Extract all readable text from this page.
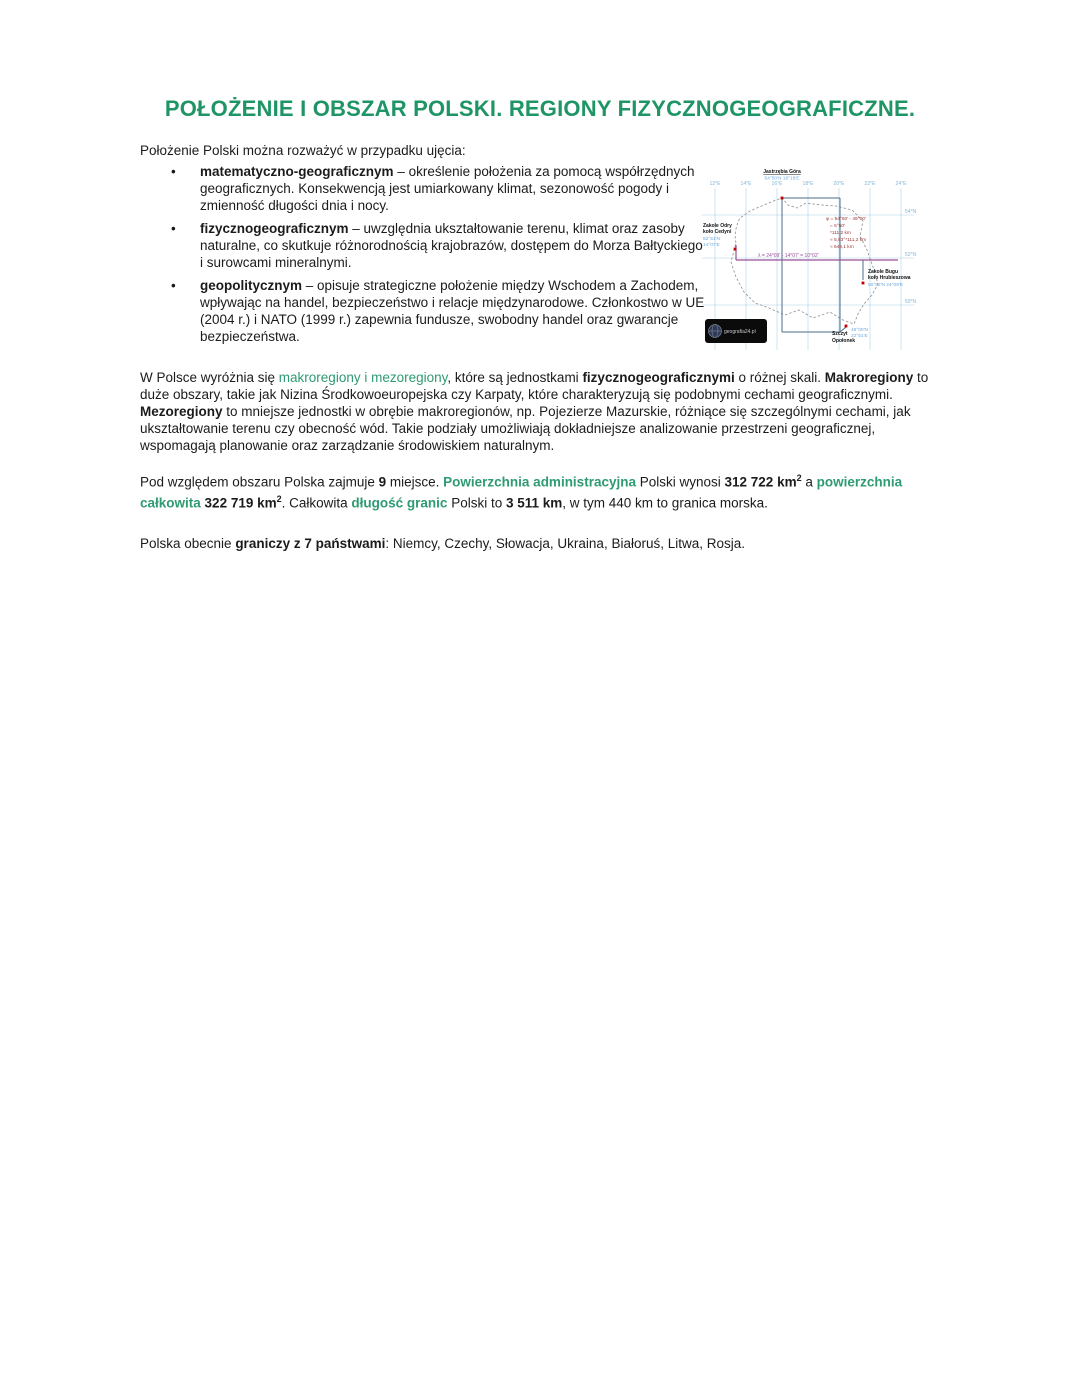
POŁOŻENIE I OBSZAR POLSKI. REGIONY FIZYCZNOGEOGRAFICZNE.

Położenie Polski można rozważyć w przypadku ujęcia:

• matematyczno-geograficznym – określenie położenia za pomocą współrzędnych geograficznych. Konsekwencją jest umiarkowany klimat, sezonowość pogody i zmienność długości dnia i nocy.
• fizycznogeograficznym – uwzględnia ukształtowanie terenu, klimat oraz zasoby naturalne, co skutkuje różnorodnością krajobrazów, dostępem do Morza Bałtyckiego i surowcami mineralnymi.
• geopolitycznym – opisuje strategiczne położenie między Wschodem a Zachodem, wpływając na handel, bezpieczeństwo i relacje międzynarodowe. Członkostwo w UE (2004 r.) i NATO (1999 r.) zapewnia fundusze, swobodny handel oraz gwarancje bezpieczeństwa.

W Polsce wyróżnia się makroregiony i mezoregiony, które są jednostkami fizycznogeograficznymi o różnej skali. Makroregiony to duże obszary, takie jak Nizina Środkowoeuropejska czy Karpaty, które charakteryzują się podobnymi cechami geograficznymi. Mezoregiony to mniejsze jednostki w obrębie makroregionów, np. Pojezierze Mazurskie, różniące się szczególnymi cechami, jak ukształtowanie terenu czy obecność wód. Takie podziały umożliwiają dokładniejsze analizowanie przestrzeni geograficznej, wspomagają planowanie oraz zarządzanie środowiskiem naturalnym.

Pod względem obszaru Polska zajmuje 9 miejsce. Powierzchnia administracyjna Polski wynosi 312 722 $km^2$ a powierzchnia całkowita 322 719 $km^2$. Całkowita długość granic Polski to 3 511 km, w tym 440 km to granica morska.

Polska obecnie graniczy z 7 państwami: Niemcy, Czechy, Słowacja, Ukraina, Białoruś, Litwa, Rosja.

12°E	14°E	16°E	18°E	20°E	22°E	24°E
54°N
52°N
50°N
λ = 24°09' - 14°07' = 10°02'
φ = 54°50' - 49°00'
= 5°50'
*111,2 km
≈ 5,83°*111,2 km
≈ 649,1 km
Jastrzębia Góra
54°50'N 18°18'E
Zakole Odry
koło Cedyni
52°51'N
14°07'E
Zakole Bugu
koło Hrubieszowa
50°52'N 24°09'E
Szczyt
Opołonek
49°00'N
22°51'E
geografia24.pl
